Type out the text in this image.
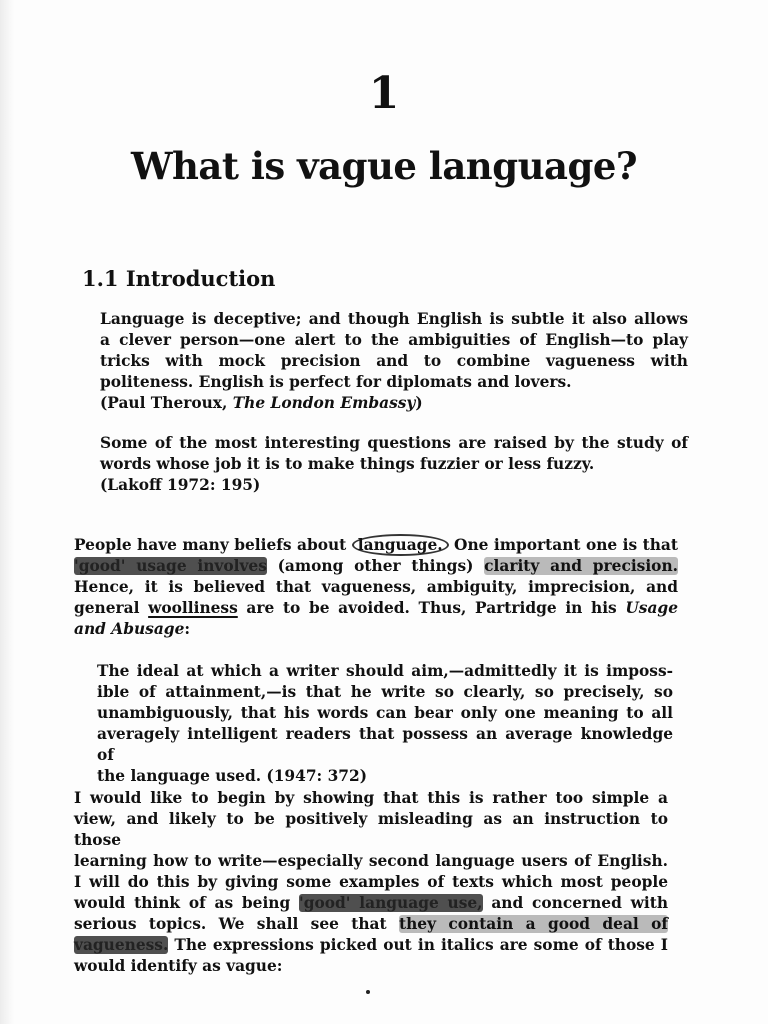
1
What is vague language?
1.1 Introduction
Language is deceptive; and though English is subtle it also allows
a clever person—one alert to the ambiguities of English—to play
tricks with mock precision and to combine vagueness with
politeness. English is perfect for diplomats and lovers.
(Paul Theroux, The London Embassy)
Some of the most interesting questions are raised by the study of
words whose job it is to make things fuzzier or less fuzzy.
(Lakoff 1972: 195)
People have many beliefs about language. One important one is that
'good' usage involves (among other things) clarity and precision.
Hence, it is believed that vagueness, ambiguity, imprecision, and
general woolliness are to be avoided. Thus, Partridge in his Usage
and Abusage:
The ideal at which a writer should aim,—admittedly it is imposs-
ible of attainment,—is that he write so clearly, so precisely, so
unambiguously, that his words can bear only one meaning to all
averagely intelligent readers that possess an average knowledge of
the language used. (1947: 372)
I would like to begin by showing that this is rather too simple a
view, and likely to be positively misleading as an instruction to those
learning how to write—especially second language users of English.
I will do this by giving some examples of texts which most people
would think of as being 'good' language use, and concerned with
serious topics. We shall see that they contain a good deal of
vagueness. The expressions picked out in italics are some of those I
would identify as vague:
